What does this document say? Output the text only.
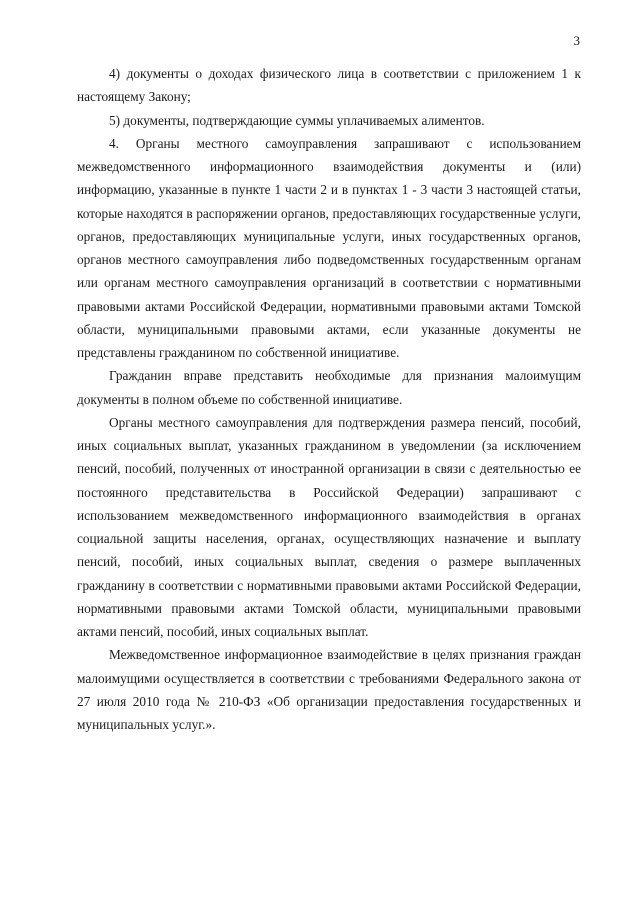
3

4) документы о доходах физического лица в соответствии с приложением 1 к настоящему Закону;

5) документы, подтверждающие суммы уплачиваемых алиментов.

4. Органы местного самоуправления запрашивают с использованием межведомственного информационного взаимодействия документы и (или) информацию, указанные в пункте 1 части 2 и в пунктах 1 - 3 части 3 настоящей статьи, которые находятся в распоряжении органов, предоставляющих государственные услуги, органов, предоставляющих муниципальные услуги, иных государственных органов, органов местного самоуправления либо подведомственных государственным органам или органам местного самоуправления организаций в соответствии с нормативными правовыми актами Российской Федерации, нормативными правовыми актами Томской области, муниципальными правовыми актами, если указанные документы не представлены гражданином по собственной инициативе.

Гражданин вправе представить необходимые для признания малоимущим документы в полном объеме по собственной инициативе.

Органы местного самоуправления для подтверждения размера пенсий, пособий, иных социальных выплат, указанных гражданином в уведомлении (за исключением пенсий, пособий, полученных от иностранной организации в связи с деятельностью ее постоянного представительства в Российской Федерации) запрашивают с использованием межведомственного информационного взаимодействия в органах социальной защиты населения, органах, осуществляющих назначение и выплату пенсий, пособий, иных социальных выплат, сведения о размере выплаченных гражданину в соответствии с нормативными правовыми актами Российской Федерации, нормативными правовыми актами Томской области, муниципальными правовыми актами пенсий, пособий, иных социальных выплат.

Межведомственное информационное взаимодействие в целях признания граждан малоимущими осуществляется в соответствии с требованиями Федерального закона от 27 июля 2010 года № 210-ФЗ «Об организации предоставления государственных и муниципальных услуг.».
